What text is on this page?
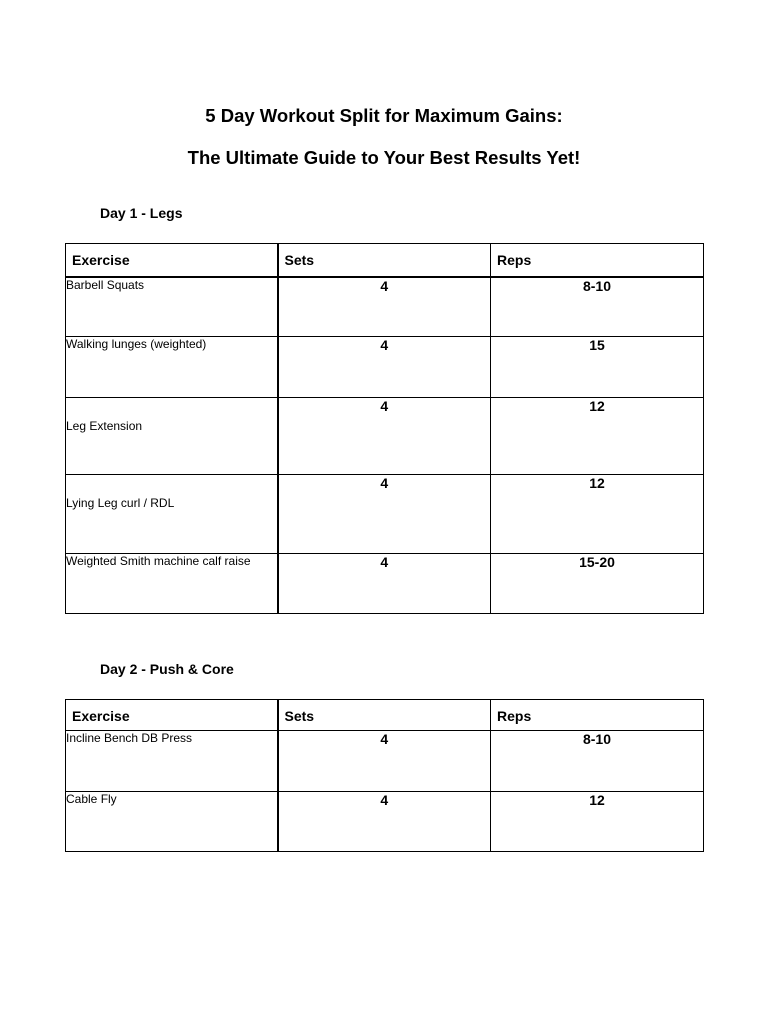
5 Day Workout Split for Maximum Gains:
The Ultimate Guide to Your Best Results Yet!
Day 1 - Legs
Exercise	Sets	Reps
Barbell Squats	4	8-10
Walking lunges (weighted)	4	15
Leg Extension	4	12
Lying Leg curl / RDL	4	12
Weighted Smith machine calf raise	4	15-20
Day 2 - Push & Core
Exercise	Sets	Reps
Incline Bench DB Press	4	8-10
Cable Fly	4	12
